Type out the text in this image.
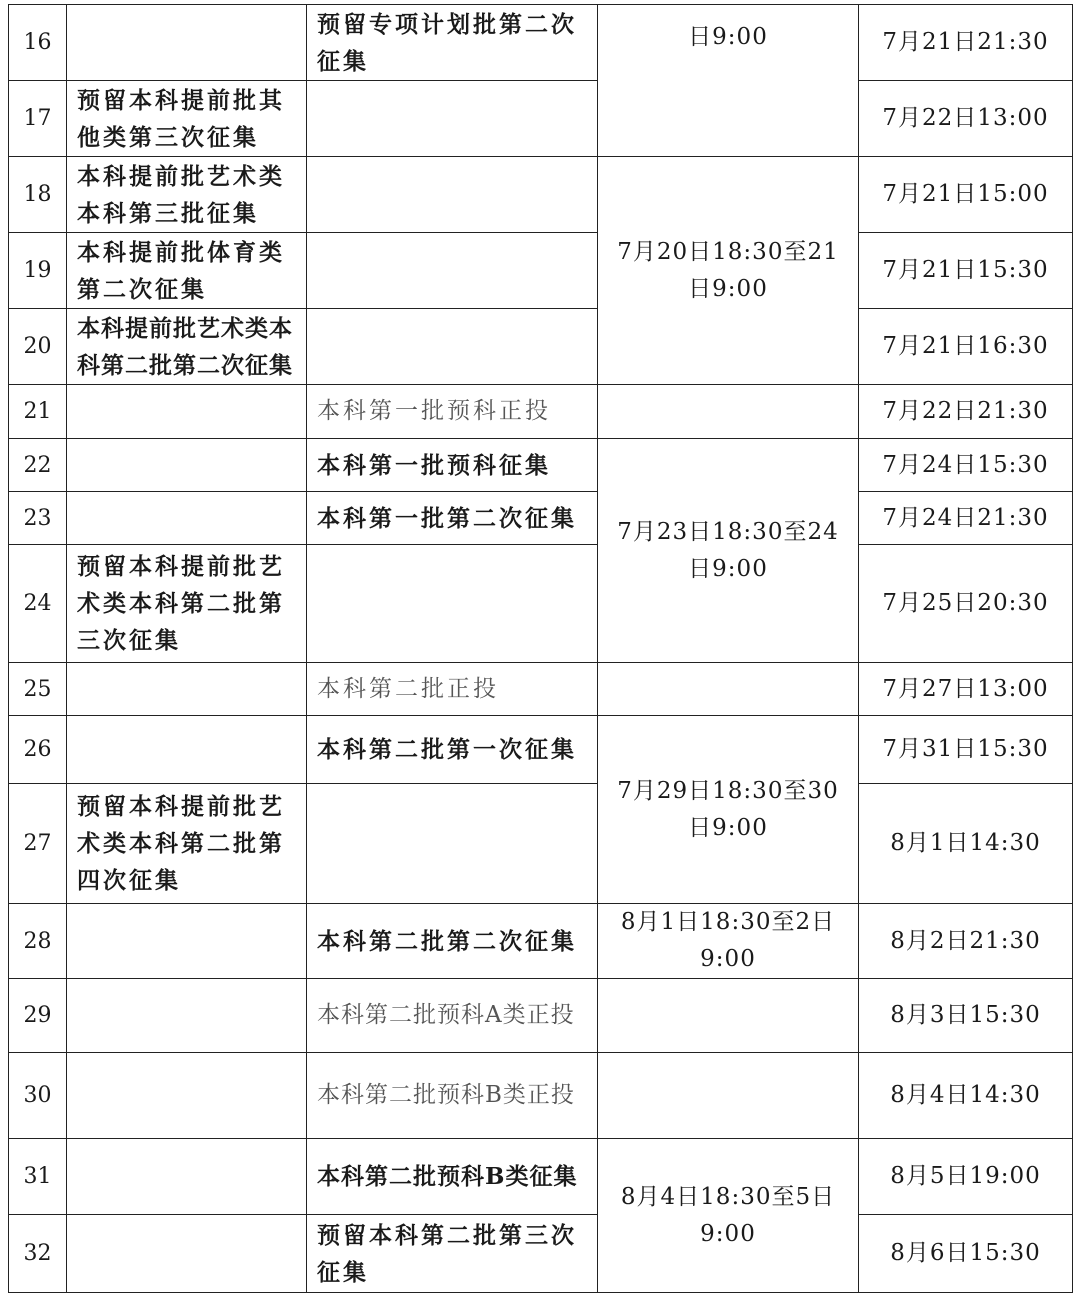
16		预留专项计划批第二次征集	日9:00	7月21日21:30
17	预留本科提前批其他类第三次征集			7月22日13:00
18	本科提前批艺术类本科第三批征集		7月20日18:30至21日9:00	7月21日15:00
19	本科提前批体育类第二次征集			7月21日15:30
20	本科提前批艺术类本科第二批第二次征集			7月21日16:30
21		本科第一批预科正投		7月22日21:30
22		本科第一批预科征集	7月23日18:30至24日9:00	7月24日15:30
23		本科第一批第二次征集		7月24日21:30
24	预留本科提前批艺术类本科第二批第三次征集			7月25日20:30
25		本科第二批正投		7月27日13:00
26		本科第二批第一次征集	7月29日18:30至30日9:00	7月31日15:30
27	预留本科提前批艺术类本科第二批第四次征集			8月1日14:30
28		本科第二批第二次征集	8月1日18:30至2日9:00	8月2日21:30
29		本科第二批预科A类正投		8月3日15:30
30		本科第二批预科B类正投		8月4日14:30
31		本科第二批预科B类征集	8月4日18:30至5日9:00	8月5日19:00
32		预留本科第二批第三次征集		8月6日15:30
